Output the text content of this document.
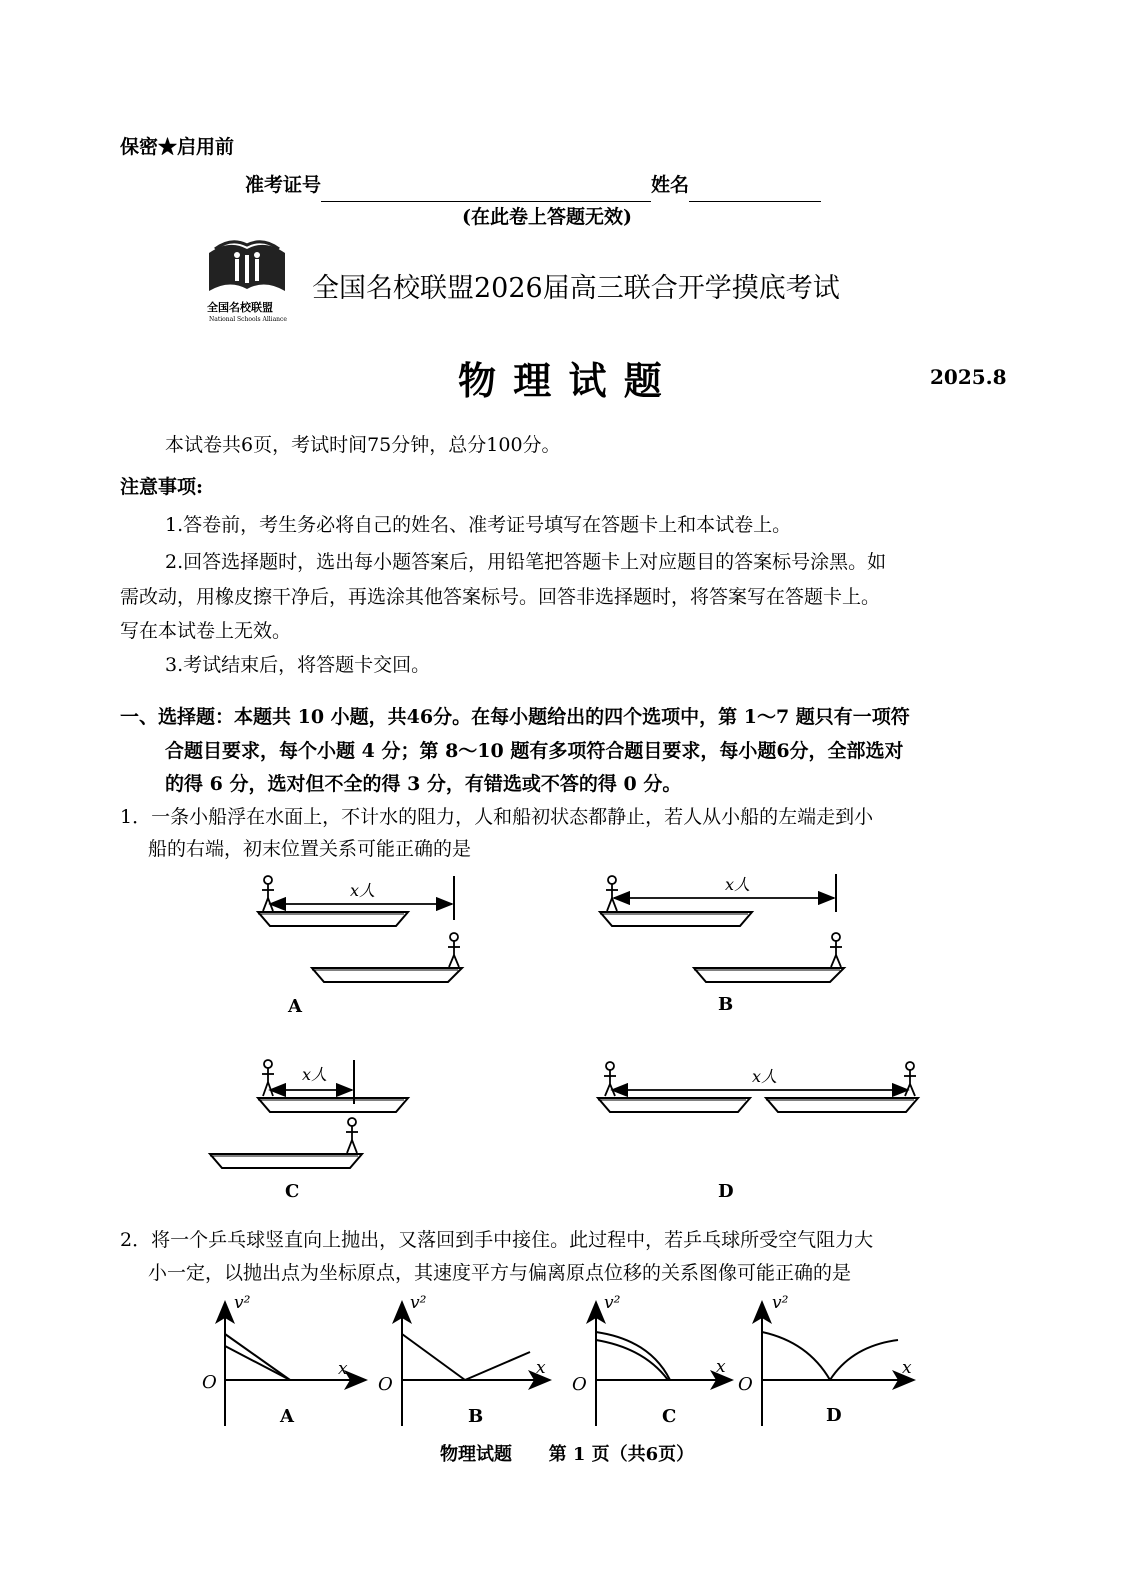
保密★启用前
准考证号	姓名
(在此卷上答题无效)
全国名校联盟
National Schools Alliance
全国名校联盟2026届高三联合开学摸底考试
物 理 试 题	2025.8
本试卷共6页，考试时间75分钟，总分100分。
注意事项:
1.答卷前，考生务必将自己的姓名、准考证号填写在答题卡上和本试卷上。
2.回答选择题时，选出每小题答案后，用铅笔把答题卡上对应题目的答案标号涂黑。如
需改动，用橡皮擦干净后，再选涂其他答案标号。回答非选择题时，将答案写在答题卡上。
写在本试卷上无效。
3.考试结束后，将答题卡交回。
一、选择题：本题共 10 小题，共46分。在每小题给出的四个选项中，第 1～7 题只有一项符
合题目要求，每个小题 4 分；第 8～10 题有多项符合题目要求，每小题6分，全部选对
的得 6 分，选对但不全的得 3 分，有错选或不答的得 0 分。
1．一条小船浮在水面上，不计水的阻力，人和船初状态都静止，若人从小船的左端走到小
船的右端，初末位置关系可能正确的是
x人	x人
x人	x人
A	B
C	D
2．将一个乒乓球竖直向上抛出，又落回到手中接住。此过程中，若乒乓球所受空气阻力大
小一定，以抛出点为坐标原点，其速度平方与偏离原点位移的关系图像可能正确的是
v²	v²	v²	v²
x	x	x	x
O	O	O	O
A	B	C	D
物理试题 第 1 页（共6页）
